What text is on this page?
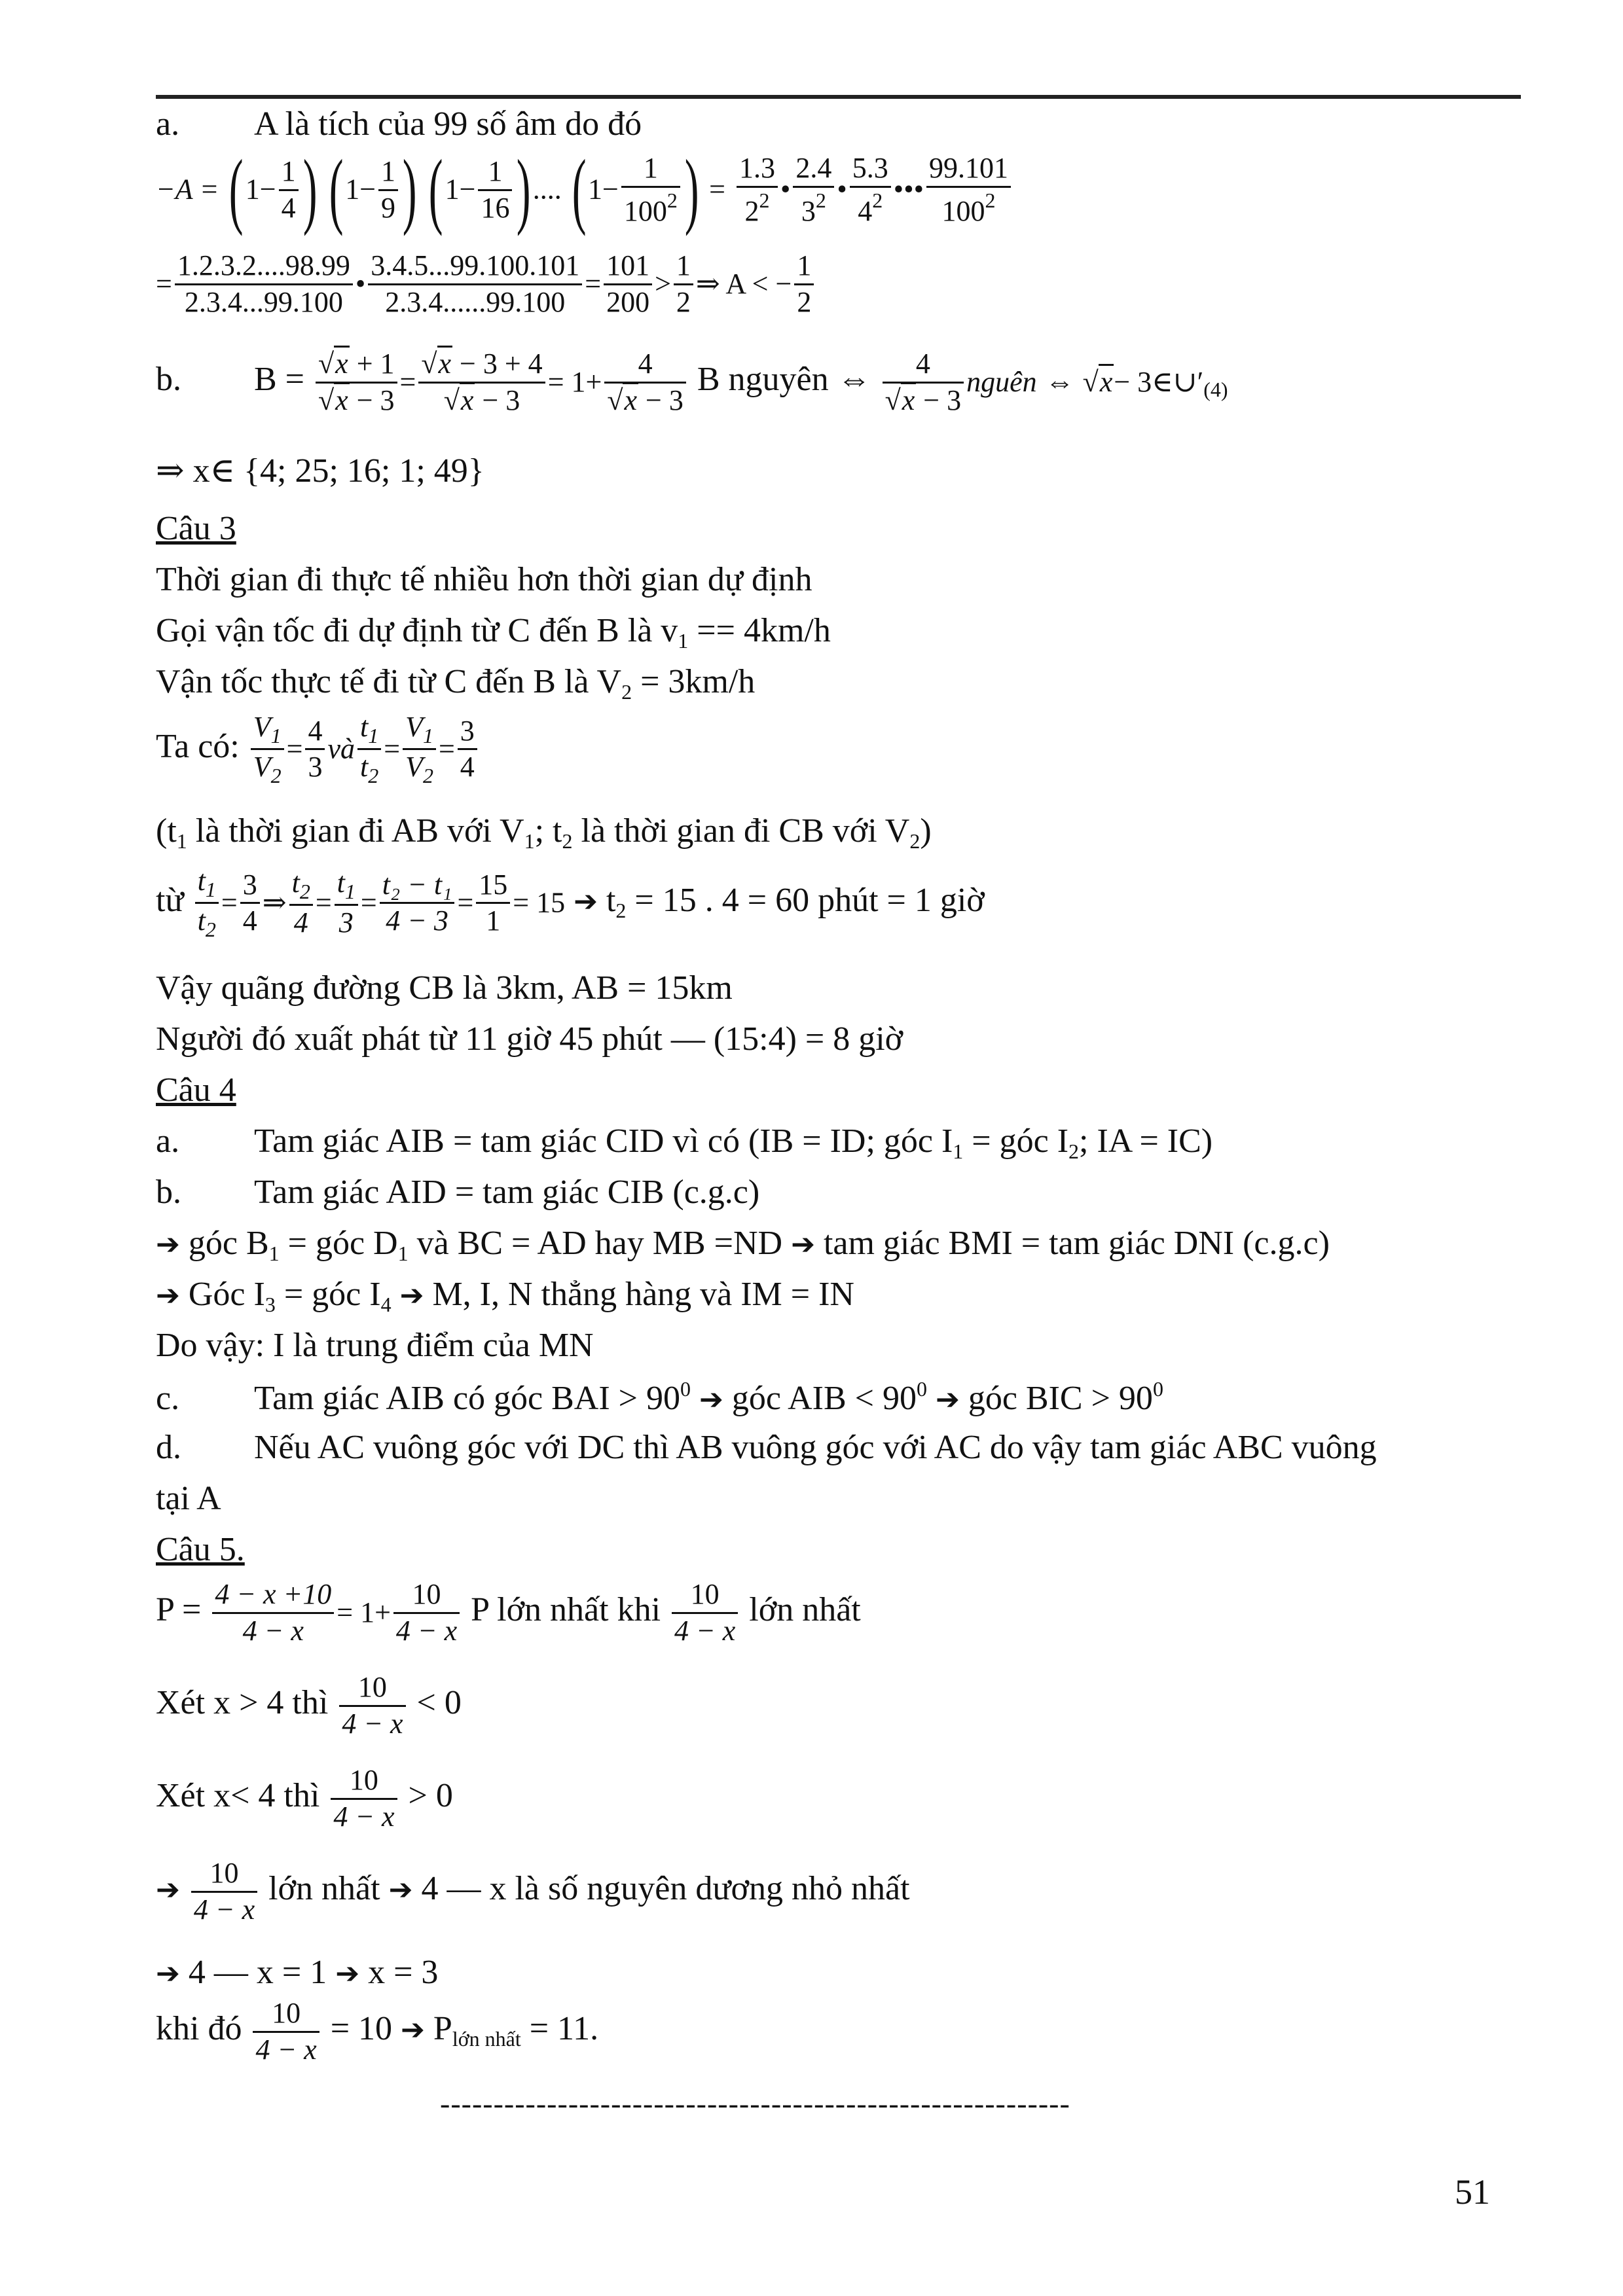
a. A là tích của 99 số âm do đó
$-A = (1- \frac{1}{4}$ ) ($1- \frac{1}{9}$ ) ($1- \frac{1}{16}$ ).... ($1- \frac{1}{100^2}$ ) = $\frac{1.3}{2^2}$ • $\frac{2.4}{3^2}$ • $\frac{5.3}{4^2}$ ••• $\frac{99.101}{100^2}$
= $\frac{1.2.3.2....98.99}{2.3.4...99.100}$ • $\frac{3.4.5...99.100.101}{2.3.4......99.100} = \frac{101}{200} > \frac{1}{2}$ ⇒ A < − $\frac{1}{2}$
b. $B = \frac{√x + 1}{√x - 3} = \frac{√x - 3 + 4}{√x - 3} = 1+ \frac{4}{√x - 3}$ B nguyên ⇔ $\frac{4}{√x - 3}$ nguên ⇔ $√x- 3\in\cup'_{(4)}$
⇒ x∈ {4; 25; 16; 1; 49}
Câu 3
Thời gian đi thực tế nhiều hơn thời gian dự định
Gọi vận tốc đi dự định từ C đến B là $v_1 == 4km/h$
Vận tốc thực tế đi từ C đến B là $V_2 = 3km/h$
Ta có: $\frac{V_1}{V_2} = \frac{4}{3}$ và $\frac{t_1}{t_2} = \frac{V_1}{V_2} = \frac{3}{4}$
($t_1$ là thời gian đi AB với $V_1$; $t_2$ là thời gian đi CB với $V_2$)
từ $\frac{t_1}{t_2} = \frac{3}{4}$ ⇒ $\frac{t_2}{4} = \frac{t_1}{3} = \frac{\text{t₂ − t₁}}{4 - 3} = \frac{15}{1} = 15$ ➔ $t_2 = 15$ . 4 = 60 phút = 1 giờ
Vậy quãng đường CB là 3km, AB = 15km
Người đó xuất phát từ 11 giờ 45 phút — (15:4) = 8 giờ
Câu 4
a. Tam giác AIB = tam giác CID vì có (IB = ID; góc $I_1$ = góc $I_2$; IA = IC)
b. Tam giác AID = tam giác CIB (c.g.c)
➔ góc $B_1$ = góc $D_1$ và BC = AD hay MB =ND ➔ tam giác BMI = tam giác DNI (c.g.c)
➔ Góc $I_3$ = góc $I_4$ ➔ M, I, N thẳng hàng và IM = IN
Do vậy: I là trung điểm của MN
c. Tam giác AIB có góc BAI > $90^0$ ➔ góc AIB < $90^0$ ➔ góc BIC > $90^0$
d. Nếu AC vuông góc với DC thì AB vuông góc với AC do vậy tam giác ABC vuông
tại A
Câu 5.
$P = \frac{4 - x +10}{4 - x} = 1+ \frac{10}{4 - x}$ P lớn nhất khi $\frac{10}{4 - x}$ lớn nhất
Xét x > 4 thì $\frac{10}{4 - x} < 0$
Xét x< 4 thì $\frac{10}{4 - x} > 0$
➔ $\frac{10}{4 - x}$ lớn nhất ➔ 4 — x là số nguyên dương nhỏ nhất
➔ 4 — x = 1 ➔ x = 3
khi đó $\frac{10}{4 - x} = 10$ ➔ $P_{lớn nhất} = 11$.
-----------------------------------------------------------
51
